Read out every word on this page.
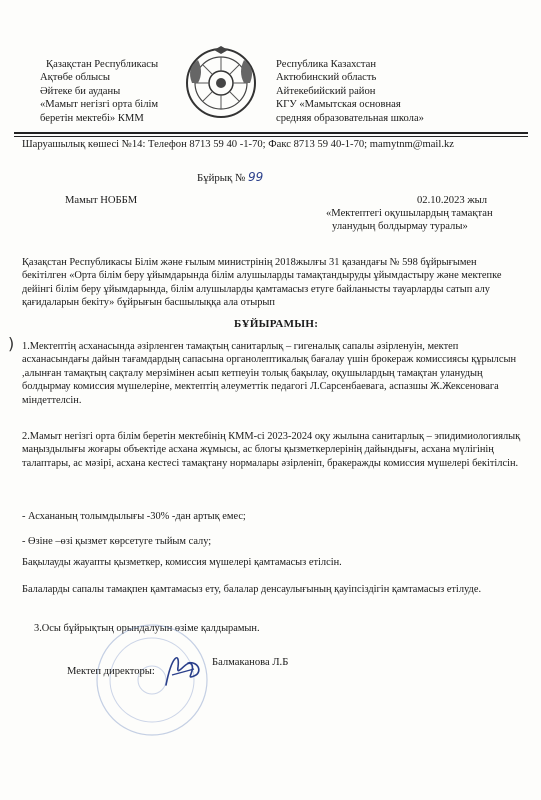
Қазақстан Республикасы
Ақтөбе облысы
Әйтеке би ауданы
«Мамыт негізгі орта білім
беретін мектебі» КММ
Республика Казахстан
Актюбинский область
Айтекебийский район
КГУ «Мамытская основная
средняя образовательная школа»
Шаруашылық көшесі №14: Телефон 8713 59 40 -1-70; Факс 8713 59 40-1-70; mamytnm@mail.kz
Бұйрық № 99
Мамыт НОББМ	02.10.2023 жыл
«Мектептегі оқушылардың тамақтан
уланудың болдырмау туралы»
Қазақстан Республикасы Білім және ғылым министрінің 2018жылғы 31 қазандағы № 598 бұйрығымен бекітілген «Орта білім беру ұйымдарында білім алушыларды тамақтандыруды ұйымдастыру және мектепке дейінгі білім беру ұйымдарында, білім алушыларды қамтамасыз етуге байланысты тауарларды сатып алу қағидаларын бекіту» бұйрығын басшылыққа ала отырып
)
БҰЙЫРАМЫН:
1.Мектептің асханасында әзірленген тамақтың санитарлық – гигеналық сапалы әзірленуін, мектеп асханасындағы дайын тағамдардың сапасына органолептикалық бағалау үшін брокераж комиссиясы құрылсын ,алынған тамақтың сақталу мерзімінен асып кетпеуін толық бақылау, оқушылардың тамақтан уланудың болдырмау комиссия мүшелеріне, мектептің әлеуметтік педагогі Л.Сарсенбаевага, аспазшы Ж.Жексеновага міндеттелсін.
2.Мамыт негізгі орта білім беретін мектебінің КММ-сі 2023-2024 оқу жылына санитарлық – эпидимиологиялық маңыздылығы жоғары объектіде асхана жұмысы, ас блогы қызметкерлерінің дайындығы, асхана мүлігінің талаптары, ас мәзірі, асхана кестесі тамақтану нормалары әзірленіп, бракеражды комиссия мүшелері бекітілсін.
- Асхананың толымдылығы -30% -дан артық емес;
- Өзіне –өзі қызмет көрсетуге тыйым салу;
Бақылауды жауапты қызметкер, комиссия мүшелері қамтамасыз етілсін.
Балаларды сапалы тамақпен қамтамасыз ету, балалар денсаулығының қауіпсіздігін қамтамасыз етілуде.
3.Осы бұйрықтың орындалуын өзіме қалдырамын.
Мектеп директоры:
Балмаканова Л.Б
